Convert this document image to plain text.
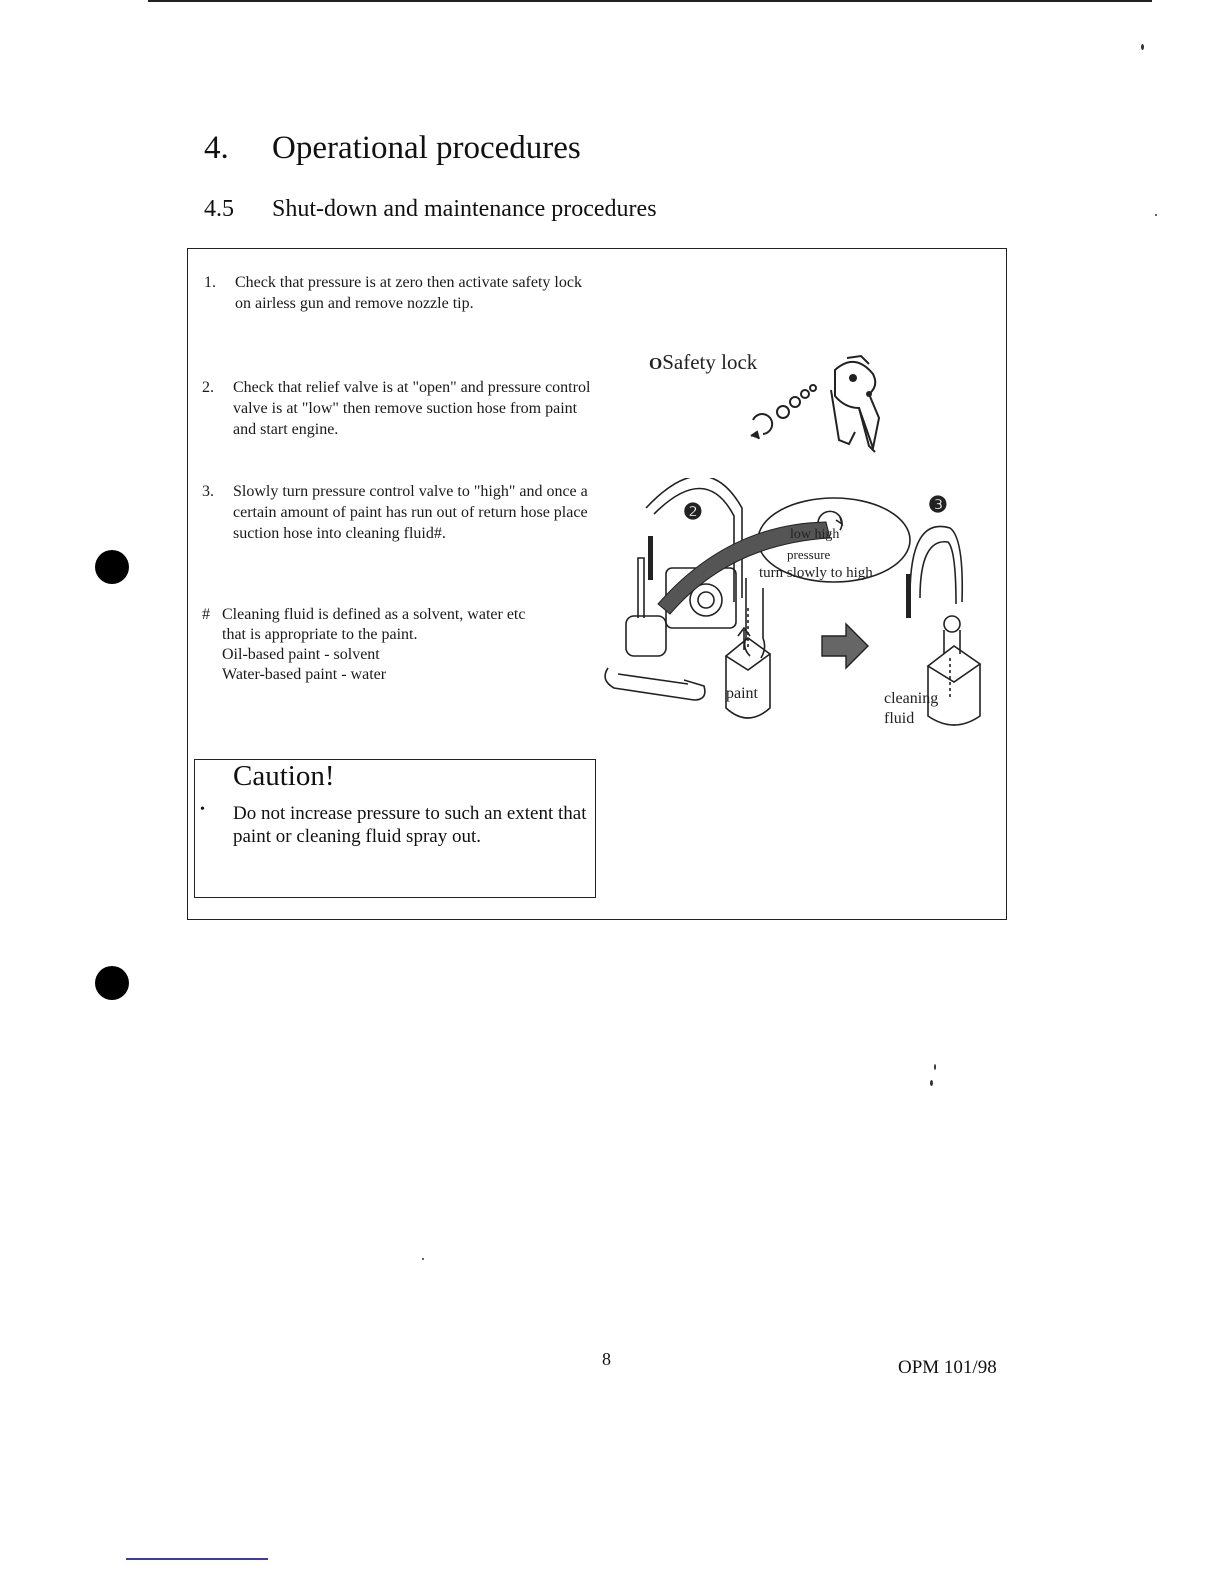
4. Operational procedures
4.5 Shut-down and maintenance procedures
1.	Check that pressure is at zero then activate safety lock on airless gun and remove nozzle tip.
2.	Check that relief valve is at "open" and pressure control valve is at "low" then remove suction hose from paint and start engine.
3.	Slowly turn pressure control valve to "high" and once a certain amount of paint has run out of return hose place suction hose into cleaning fluid#.
# Cleaning fluid is defined as a solvent, water etc
that is appropriate to the paint.
Oil-based paint - solvent
Water-based paint - water
Caution!
• Do not increase pressure to such an extent that paint or cleaning fluid spray out.
OSafety lock
❷	❸
low high
pressure
turn slowly to high
paint	cleaning
fluid
8	OPM 101/98
